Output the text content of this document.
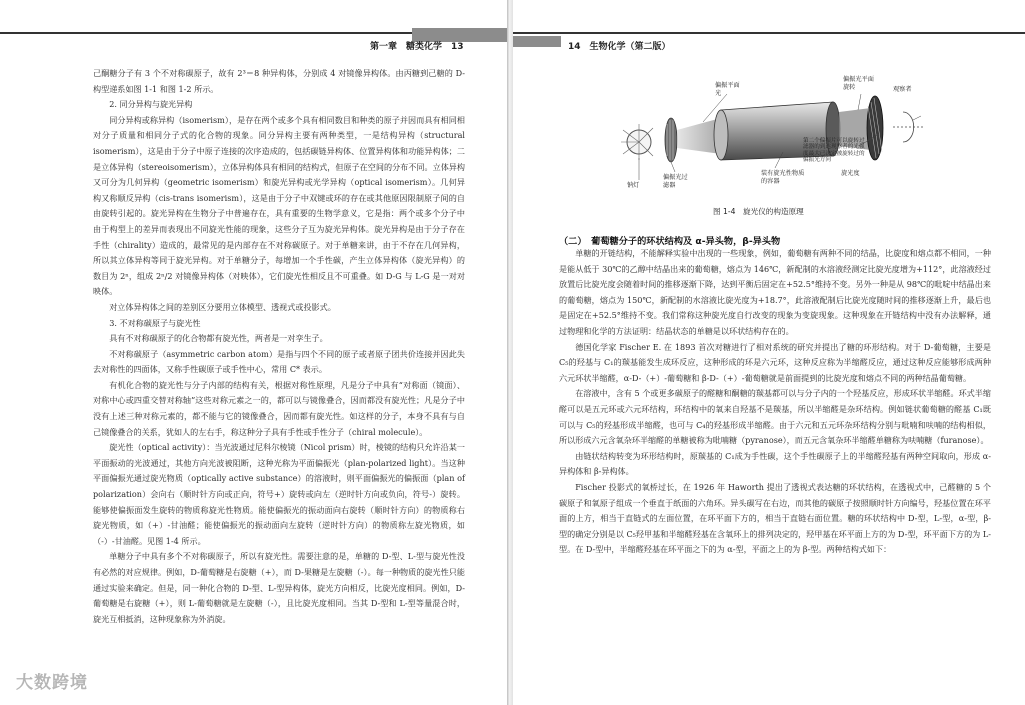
第一章　糖类化学　13

己酮糖分子有 3 个不对称碳原子，故有 2³＝8 种异构体，分别成 4 对镜像异构体。由丙糖到己糖的 D-构型递系如图 1-1 和图 1-2 所示。

2. 同分异构与旋光异构

同分异构或称异构（isomerism），是存在两个或多个具有相同数目和种类的原子并因而具有相同相对分子质量和相同分子式的化合物的现象。同分异构主要有两种类型，一是结构异构（structural isomerism），这是由于分子中原子连接的次序造成的，包括碳链异构体、位置异构体和功能异构体；二是立体异构（stereoisomerism），立体异构体具有相同的结构式，但原子在空间的分布不同。立体异构又可分为几何异构（geometric isomerism）和旋光异构或光学异构（optical isomerism）。几何异构又称顺反异构（cis-trans isomerism），这是由于分子中双键或环的存在或其他原因限制原子间的自由旋转引起的。旋光异构在生物分子中普遍存在，具有重要的生物学意义，它是指：两个或多个分子中由于构型上的差异而表现出不同旋光性能的现象，这些分子互为旋光异构体。旋光异构是由于分子存在手性（chirality）造成的，最常见的是内部存在不对称碳原子。对于单糖来讲，由于不存在几何异构，所以其立体异构等同于旋光异构。对于单糖分子，每增加一个手性碳，产生立体异构体（旋光异构）的数目为 2ⁿ，组成 2ⁿ/2 对镜像异构体（对映体），它们旋光性相反且不可重叠。如 D-G 与 L-G 是一对对映体。

对立体异构体之间的差别区分要用立体模型、透视式或投影式。

3. 不对称碳原子与旋光性

具有不对称碳原子的化合物都有旋光性，两者是一对孪生子。

不对称碳原子（asymmetric carbon atom）是指与四个不同的原子或者原子团共价连接并因此失去对称性的四面体，又称手性碳原子或手性中心，常用 C* 表示。

有机化合物的旋光性与分子内部的结构有关，根据对称性原理，凡是分子中具有“对称面（镜面）、对称中心或四重交替对称轴”这些对称元素之一的，都可以与镜像叠合，因而都没有旋光性；凡是分子中没有上述三种对称元素的，都不能与它的镜像叠合，因而都有旋光性。如这样的分子，本身不具有与自己镜像叠合的关系，犹如人的左右手，称这种分子具有手性或手性分子（chiral molecule）。

旋光性（optical activity）：当光波通过尼科尔棱镜（Nicol prism）时，棱镜的结构只允许沿某一平面振动的光波通过，其他方向光波被阻断，这种光称为平面偏振光（plan-polarized light）。当这种平面偏振光通过旋光物质（optically active substance）的溶液时，则平面偏振光的偏振面（plan of polarization）会向右（顺时针方向或正向，符号+）旋转或向左（逆时针方向或负向，符号-）旋转。能够使偏振面发生旋转的物质称旋光性物质。能使偏振光的振动面向右旋转（顺时针方向）的物质称右旋光物质，如（+）-甘油醛；能使偏振光的振动面向左旋转（逆时针方向）的物质称左旋光物质，如（-）-甘油醛。见图 1-4 所示。

单糖分子中具有多个不对称碳原子，所以有旋光性。需要注意的是，单糖的 D-型、L-型与旋光性没有必然的对应规律。例如，D-葡萄糖是右旋糖（+），而 D-果糖是左旋糖（-）。每一种物质的旋光性只能通过实验来确定。但是，同一种化合物的 D-型、L-型异构体，旋光方向相反，比旋光度相同。例如，D-葡萄糖是右旋糖（+），则 L-葡萄糖就是左旋糖（-），且比旋光度相同。当其 D-型和 L-型等量混合时，旋光互相抵消，这种现象称为外消旋。

14　生物化学（第二版）
钠灯
偏振光过滤器
偏振平面光
装有旋光性物质的容器
偏振光平面旋转	观察者
第二个偏振片可以旋转过滤器的到达现察者的光强度最大已决定被旋转过的偏振光方向
旋光度
图 1-4　旋光仪的构造原理
（二）　葡萄糖分子的环状结构及 α-异头物，β-异头物

单糖的开链结构，不能解释实验中出现的一些现象，例如，葡萄糖有两种不同的结晶，比旋度和熔点都不相同，一种是能从低于 30℃的乙醇中结晶出来的葡萄糖，熔点为 146℃，新配制的水溶液经测定比旋光度增为+112°，此溶液经过放置后比旋光度会随着时间的推移逐渐下降，达到平衡后固定在+52.5°维持不变。另外一种是从 98℃的吡啶中结晶出来的葡萄糖，熔点为 150℃，新配制的水溶液比旋光度为+18.7°，此溶液配制后比旋光度随时间的推移逐渐上升，最后也是固定在+52.5°维持不变。我们常称这种旋光度自行改变的现象为变旋现象。这种现象在开链结构中没有办法解释，通过物理和化学的方法证明：结晶状态的单糖是以环状结构存在的。

德国化学家 Fischer E. 在 1893 首次对糖进行了相对系统的研究并提出了糖的环形结构。对于 D-葡萄糖，主要是 C₅的羟基与 C₁的羰基能发生成环反应，这种形成的环是六元环，这种反应称为半缩醛反应，通过这种反应能够形成两种六元环状半缩醛，α-D-（+）-葡萄糖和 β-D-（+）-葡萄糖就是前面提到的比旋光度和熔点不同的两种结晶葡萄糖。

在溶液中，含有 5 个或更多碳原子的醛糖和酮糖的羰基都可以与分子内的一个羟基反应，形成环状半缩醛。环式半缩醛可以是五元环或六元环结构，环结构中的氧来自羟基不是羰基，所以半缩醛是杂环结构。例如链状葡萄糖的醛基 C₁既可以与 C₅的羟基形成半缩醛，也可与 C₄的羟基形成半缩醛。由于六元和五元环杂环结构分别与吡喃和呋喃的结构相似，所以形成六元含氧杂环半缩醛的单糖被称为吡喃糖（pyranose），而五元含氧杂环半缩醛单糖称为呋喃糖（furanose）。

由链状结构转变为环形结构时，原羰基的 C₁成为手性碳，这个手性碳原子上的半缩醛羟基有两种空间取向，形成 α-异构体和 β-异构体。

Fischer 投影式的氧桥过长，在 1926 年 Haworth 提出了透视式表达糖的环状结构，在透视式中，己醛糖的 5 个碳原子和氧原子组成一个垂直于纸面的六角环。异头碳写在右边，而其他的碳原子按照顺时针方向编号，羟基位置在环平面的上方，相当于直链式的左面位置，在环平面下方的，相当于直链右面位置。糖的环状结构中 D-型，L-型，α-型，β-型的确定分别是以 C₅羟甲基和半缩醛羟基在含氧环上的排列决定的，羟甲基在环平面上方的为 D-型，环平面下方的为 L-型。在 D-型中，半缩醛羟基在环平面之下的为 α-型，平面之上的为 β-型。两种结构式如下：

大数跨境
